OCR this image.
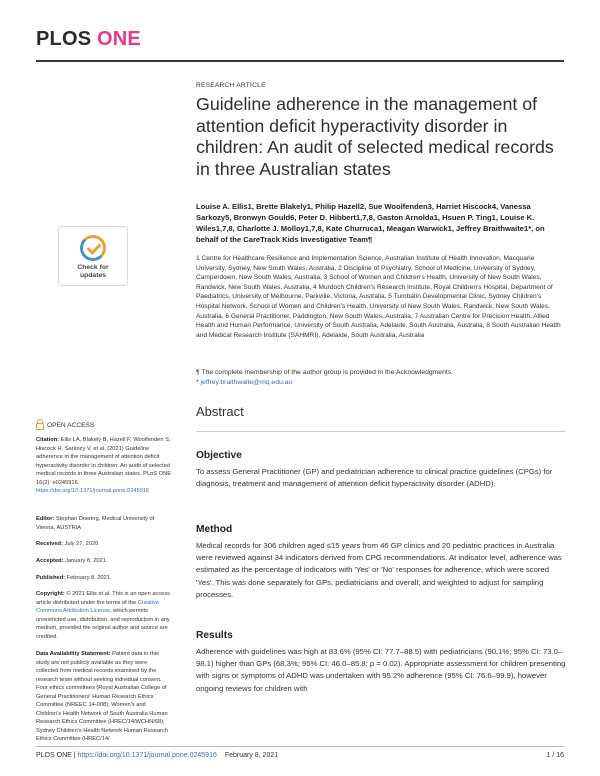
PLOS ONE
RESEARCH ARTICLE
Guideline adherence in the management of attention deficit hyperactivity disorder in children: An audit of selected medical records in three Australian states

Louise A. Ellis1, Brette Blakely1, Philip Hazell2, Sue Woolfenden3, Harriet Hiscock4, Vanessa Sarkozy5, Bronwyn Gould6, Peter D. Hibbert1,7,8, Gaston Arnolda1, Hsuen P. Ting1, Louise K. Wiles1,7,8, Charlotte J. Molloy1,7,8, Kate Churruca1, Meagan Warwick1, Jeffrey Braithwaite1*, on behalf of the CareTrack Kids Investigative Team¶

Check for
updates

1 Centre for Healthcare Resilience and Implementation Science, Australian Institute of Health Innovation, Macquarie University, Sydney, New South Wales, Australia, 2 Discipline of Psychiatry, School of Medicine, University of Sydney, Camperdown, New South Wales, Australia, 3 School of Women and Children's Health, University of New South Wales, Randwick, New South Wales, Australia, 4 Murdoch Children's Research Institute, Royal Children's Hospital, Department of Paediatrics, University of Melbourne, Parkville, Victoria, Australia, 5 Tumbatin Developmental Clinic, Sydney Children's Hospital Network, School of Women and Children's Health, University of New South Wales, Randwick, New South Wales, Australia, 6 General Practitioner, Paddington, New South Wales, Australia, 7 Australian Centre for Precision Health, Allied Health and Human Performance, University of South Australia, Adelaide, South Australia, Australia, 8 South Australian Health and Medical Research Institute (SAHMRI), Adelaide, South Australia, Australia

¶ The complete membership of the author group is provided in the Acknowledgments.
* jeffrey.braithwaite@mq.edu.au
Abstract
Objective

To assess General Practitioner (GP) and pediatrician adherence to clinical practice guidelines (CPGs) for diagnosis, treatment and management of attention deficit hyperactivity disorder (ADHD).

Method

Medical records for 306 children aged ≤15 years from 46 GP clinics and 20 pediatric practices in Australia were reviewed against 34 indicators derived from CPG recommendations. At indicator level, adherence was estimated as the percentage of indicators with 'Yes' or 'No' responses for adherence, which were scored 'Yes'. This was done separately for GPs, pediatricians and overall; and weighted to adjust for sampling processes.

Results

Adherence with guidelines was high at 83.6% (95% CI: 77.7–88.5) with pediatricians (90.1%; 95% CI: 73.0–98.1) higher than GPs (68.3%; 95% CI: 46.0–85.8; p = 0.02). Appropriate assessment for children presenting with signs or symptoms of ADHD was undertaken with 95.2% adherence (95% CI: 76.6–99.9), however ongoing reviews for children with

OPEN ACCESS

Citation: Ellis LA, Blakely B, Hazell P, Woolfenden S, Hiscock H, Sarkozy V, et al. (2021) Guideline adherence in the management of attention deficit hyperactivity disorder in children: An audit of selected medical records in three Australian states. PLoS ONE 16(2): e0245916. https://doi.org/10.1371/journal.pone.0245916

Editor: Stephan Doering, Medical University of Vienna, AUSTRIA

Received: July 27, 2020

Accepted: January 8, 2021

Published: February 8, 2021

Copyright: © 2021 Ellis et al. This is an open access article distributed under the terms of the Creative Commons Attribution License, which permits unrestricted use, distribution, and reproduction in any medium, provided the original author and source are credited.

Data Availability Statement: Patient data in this study are not publicly available as they were collected from medical records examined by the research team without seeking individual consent. Four ethics committees (Royal Australian College of General Practitioners' Human Research Ethics Committee (NREEC 14-008); Women's and Children's Health Network of South Australia Human Research Ethics Committee (HREC/14/WCHN/68); Sydney Children's Health Network Human Research Ethics Committee (HREC/14/

PLOS ONE | https://doi.org/10.1371/journal.pone.0245916 February 8, 2021	1 / 16
